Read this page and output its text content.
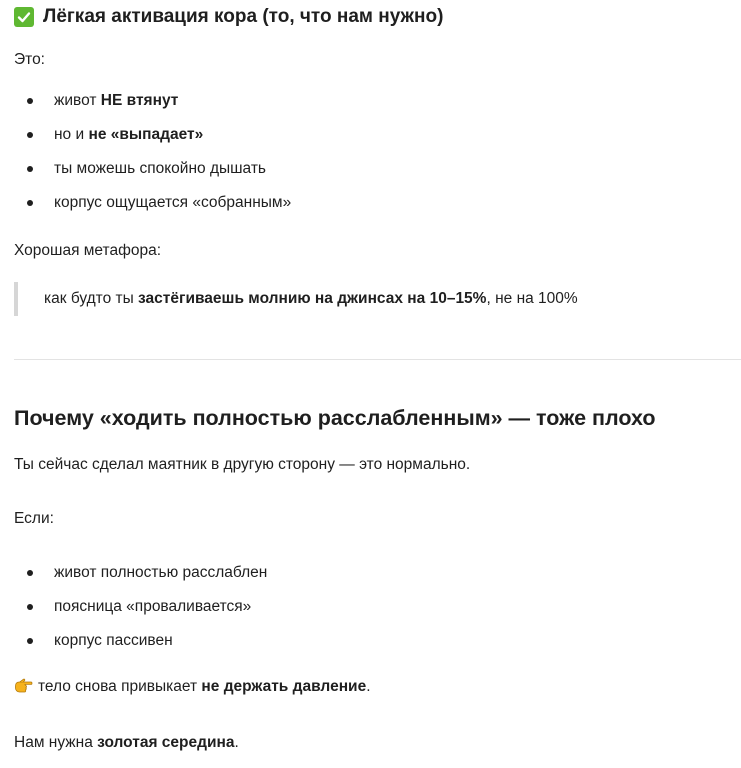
Лёгкая активация кора (то, что нам нужно)

Это:

живот НЕ втянут
но и не «выпадает»
ты можешь спокойно дышать
корпус ощущается «собранным»

Хорошая метафора:

как будто ты застёгиваешь молнию на джинсах на 10–15%, не на 100%
Почему «ходить полностью расслабленным» — тоже плохо

Ты сейчас сделал маятник в другую сторону — это нормально.

Если:

живот полностью расслаблен
поясница «проваливается»
корпус пассивен

тело снова привыкает не держать давление.

Нам нужна золотая середина.
